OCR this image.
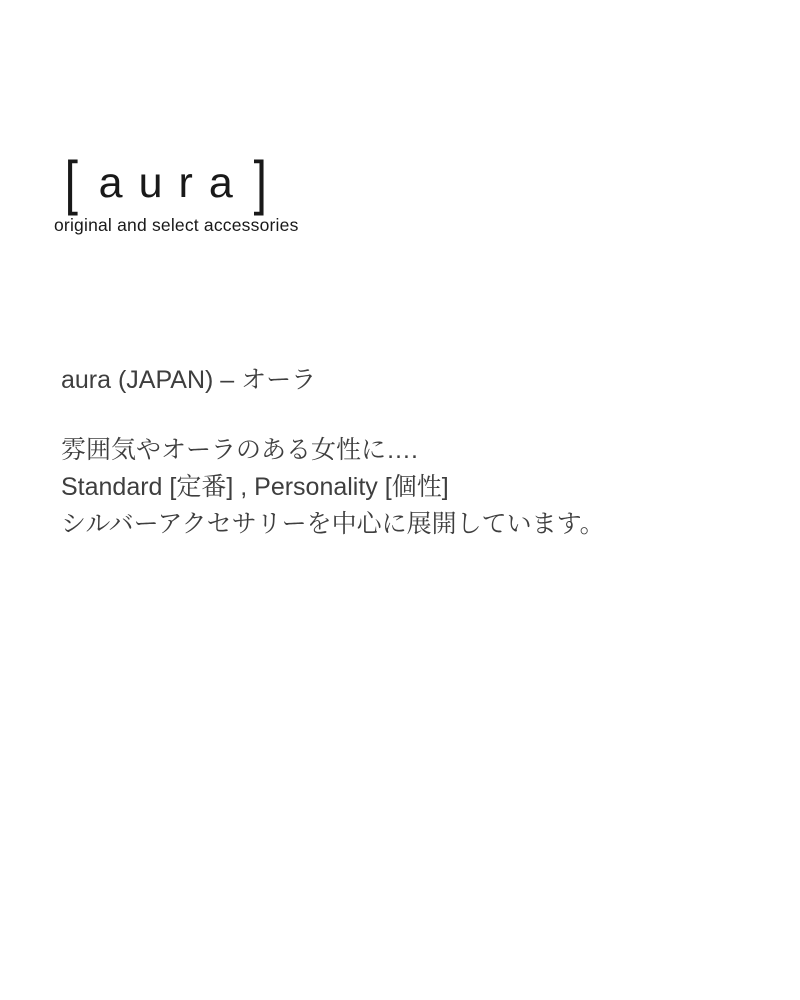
[ aura ]
original and select accessories

aura (JAPAN) – オーラ

雰囲気やオーラのある女性に….
Standard [定番] , Personality [個性]
シルバーアクセサリーを中心に展開しています。
